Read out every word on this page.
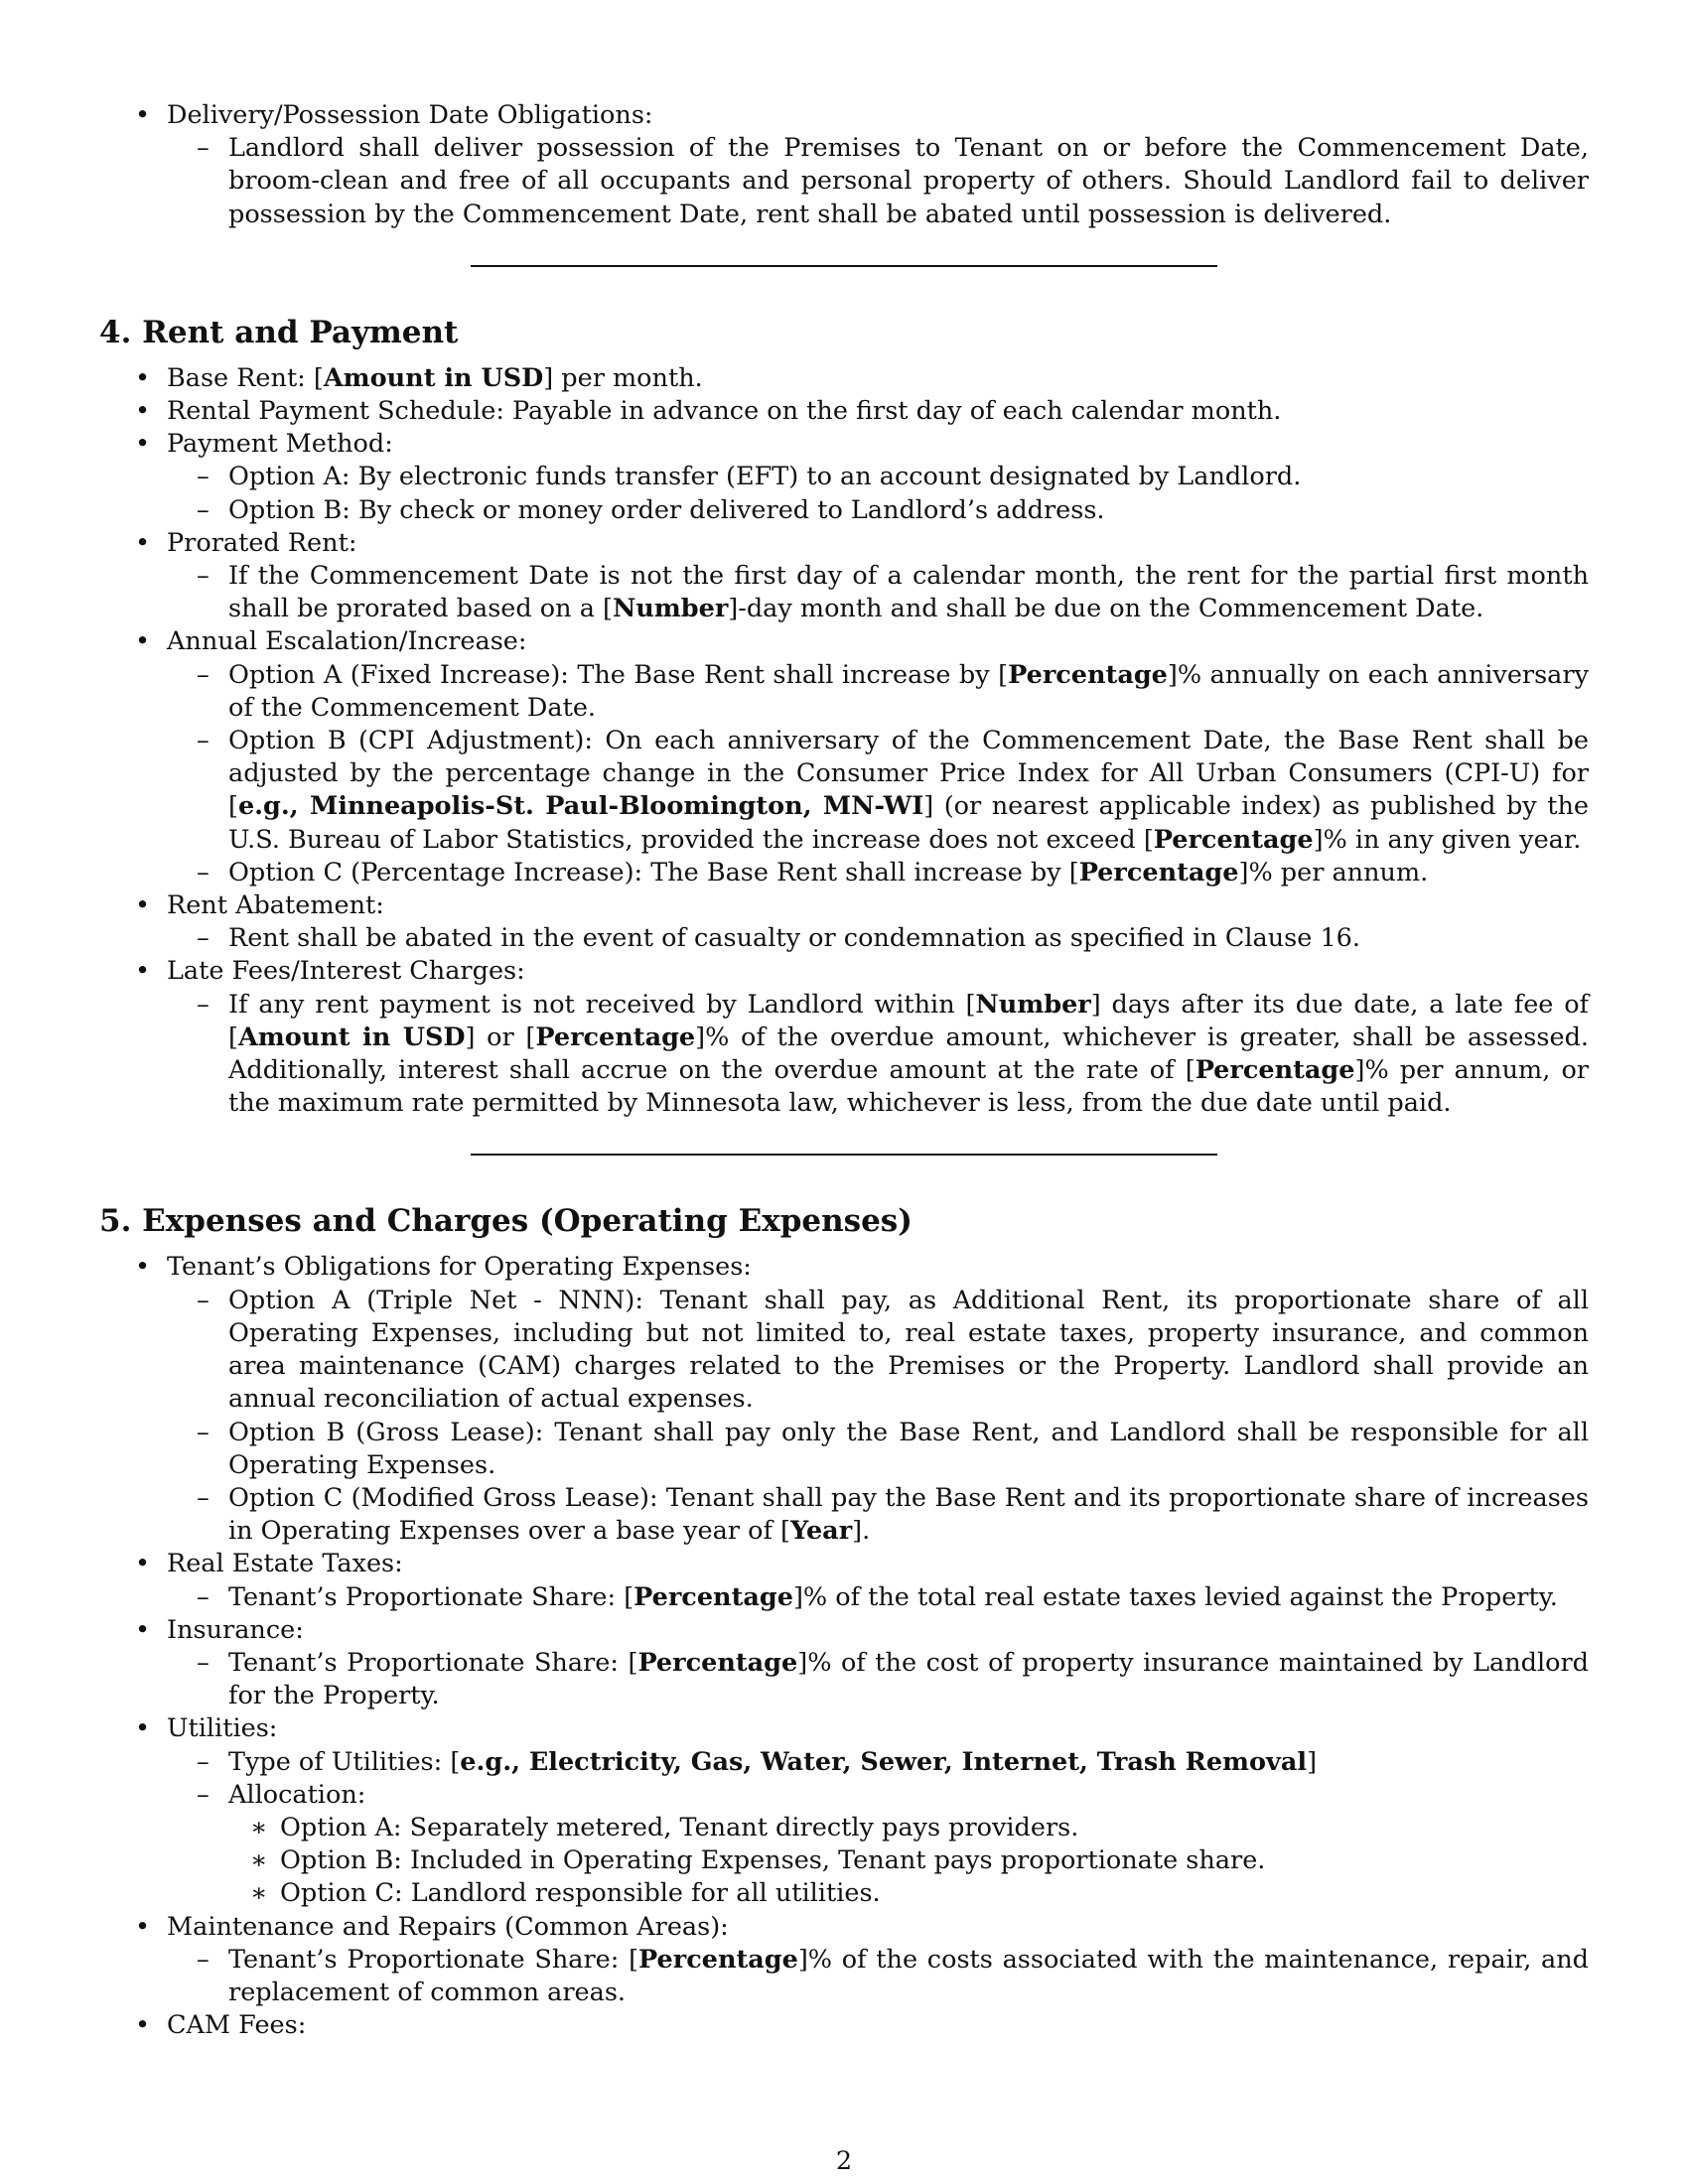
• Delivery/Possession Date Obligations:
– Landlord shall deliver possession of the Premises to Tenant on or before the Commencement Date, broom-clean and free of all occupants and personal property of others. Should Landlord fail to deliver possession by the Commencement Date, rent shall be abated until possession is delivered.
4. Rent and Payment
• Base Rent: [Amount in USD] per month.
• Rental Payment Schedule: Payable in advance on the first day of each calendar month.
• Payment Method:
– Option A: By electronic funds transfer (EFT) to an account designated by Landlord.
– Option B: By check or money order delivered to Landlord’s address.
• Prorated Rent:
– If the Commencement Date is not the first day of a calendar month, the rent for the partial first month shall be prorated based on a [Number]-day month and shall be due on the Commencement Date.
• Annual Escalation/Increase:
– Option A (Fixed Increase): The Base Rent shall increase by [Percentage]% annually on each anniversary of the Commencement Date.
– Option B (CPI Adjustment): On each anniversary of the Commencement Date, the Base Rent shall be adjusted by the percentage change in the Consumer Price Index for All Urban Consumers (CPI-U) for [e.g., Minneapolis-St. Paul-Bloomington, MN-WI] (or nearest applicable index) as published by the U.S. Bureau of Labor Statistics, provided the increase does not exceed [Percentage]% in any given year.
– Option C (Percentage Increase): The Base Rent shall increase by [Percentage]% per annum.
• Rent Abatement:
– Rent shall be abated in the event of casualty or condemnation as specified in Clause 16.
• Late Fees/Interest Charges:
– If any rent payment is not received by Landlord within [Number] days after its due date, a late fee of [Amount in USD] or [Percentage]% of the overdue amount, whichever is greater, shall be assessed. Additionally, interest shall accrue on the overdue amount at the rate of [Percentage]% per annum, or the maximum rate permitted by Minnesota law, whichever is less, from the due date until paid.
5. Expenses and Charges (Operating Expenses)
• Tenant’s Obligations for Operating Expenses:
– Option A (Triple Net - NNN): Tenant shall pay, as Additional Rent, its proportionate share of all Operating Expenses, including but not limited to, real estate taxes, property insurance, and common area maintenance (CAM) charges related to the Premises or the Property. Landlord shall provide an annual reconciliation of actual expenses.
– Option B (Gross Lease): Tenant shall pay only the Base Rent, and Landlord shall be responsible for all Operating Expenses.
– Option C (Modified Gross Lease): Tenant shall pay the Base Rent and its proportionate share of increases in Operating Expenses over a base year of [Year].
• Real Estate Taxes:
– Tenant’s Proportionate Share: [Percentage]% of the total real estate taxes levied against the Property.
• Insurance:
– Tenant’s Proportionate Share: [Percentage]% of the cost of property insurance maintained by Landlord for the Property.
• Utilities:
– Type of Utilities: [e.g., Electricity, Gas, Water, Sewer, Internet, Trash Removal]
– Allocation:
∗ Option A: Separately metered, Tenant directly pays providers.
∗ Option B: Included in Operating Expenses, Tenant pays proportionate share.
∗ Option C: Landlord responsible for all utilities.
• Maintenance and Repairs (Common Areas):
– Tenant’s Proportionate Share: [Percentage]% of the costs associated with the maintenance, repair, and replacement of common areas.
• CAM Fees:
2
